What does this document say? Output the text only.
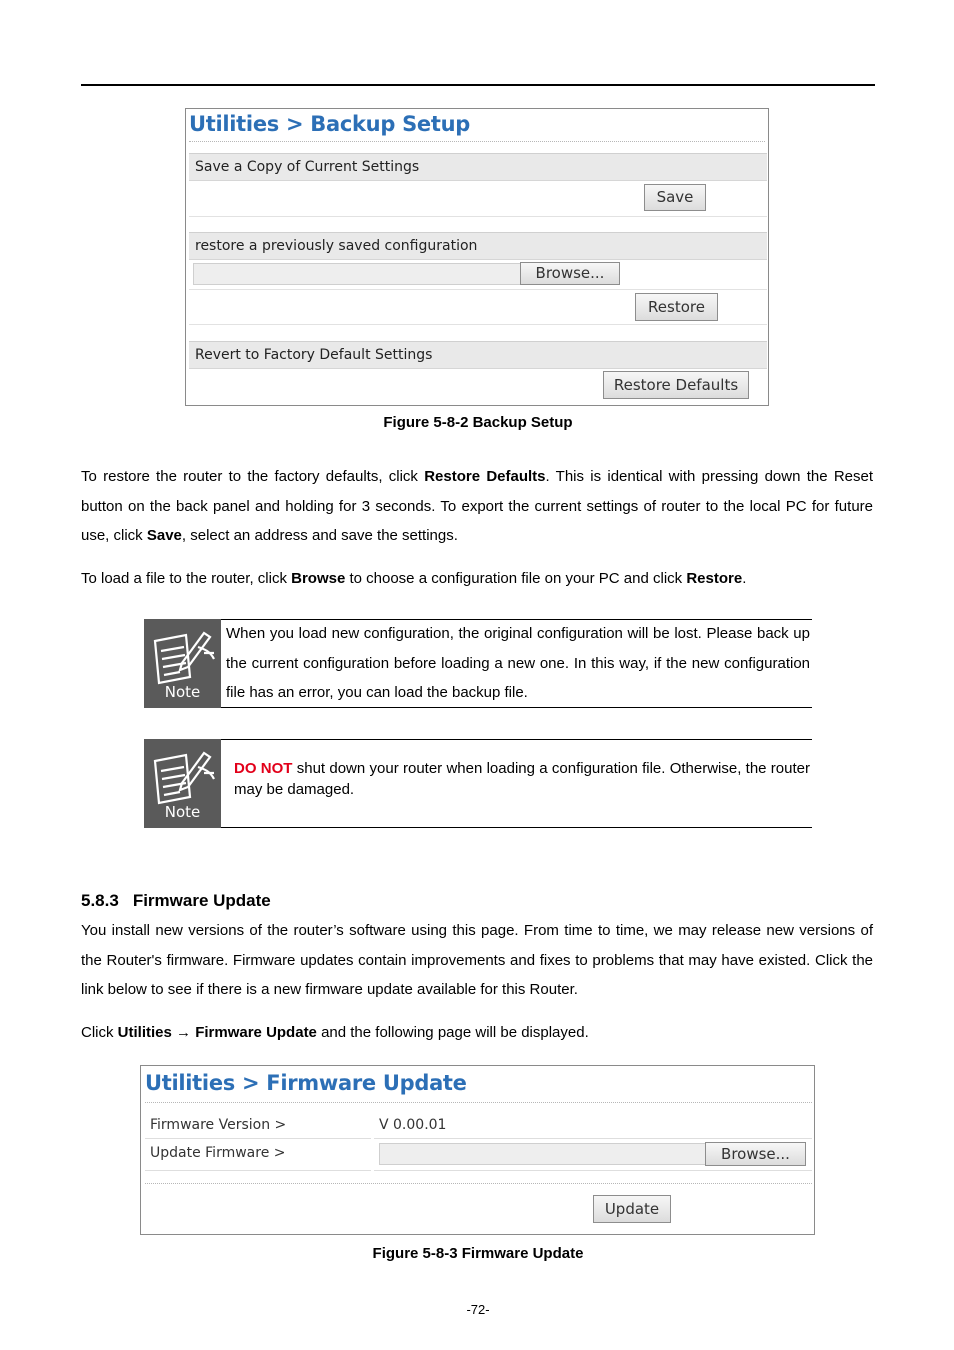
Utilities > Backup Setup
Save a Copy of Current Settings
Save
restore a previously saved configuration
Browse...
Restore
Revert to Factory Default Settings
Restore Defaults
Figure 5-8-2 Backup Setup
To restore the router to the factory defaults, click Restore Defaults. This is identical with pressing down the Reset button on the back panel and holding for 3 seconds. To export the current settings of router to the local PC for future use, click Save, select an address and save the settings.
To load a file to the router, click Browse to choose a configuration file on your PC and click Restore.
Note
When you load new configuration, the original configuration will be lost. Please back up the current configuration before loading a new one. In this way, if the new configuration file has an error, you can load the backup file.
Note
DO NOT shut down your router when loading a configuration file. Otherwise, the router may be damaged.
5.8.3 Firmware Update
You install new versions of the router’s software using this page. From time to time, we may release new versions of the Router's firmware. Firmware updates contain improvements and fixes to problems that may have existed. Click the link below to see if there is a new firmware update available for this Router.
Click Utilities → Firmware Update and the following page will be displayed.
Utilities > Firmware Update
Firmware Version >	V 0.00.01
Update Firmware >	Browse...
Update
Figure 5-8-3 Firmware Update
-72-
